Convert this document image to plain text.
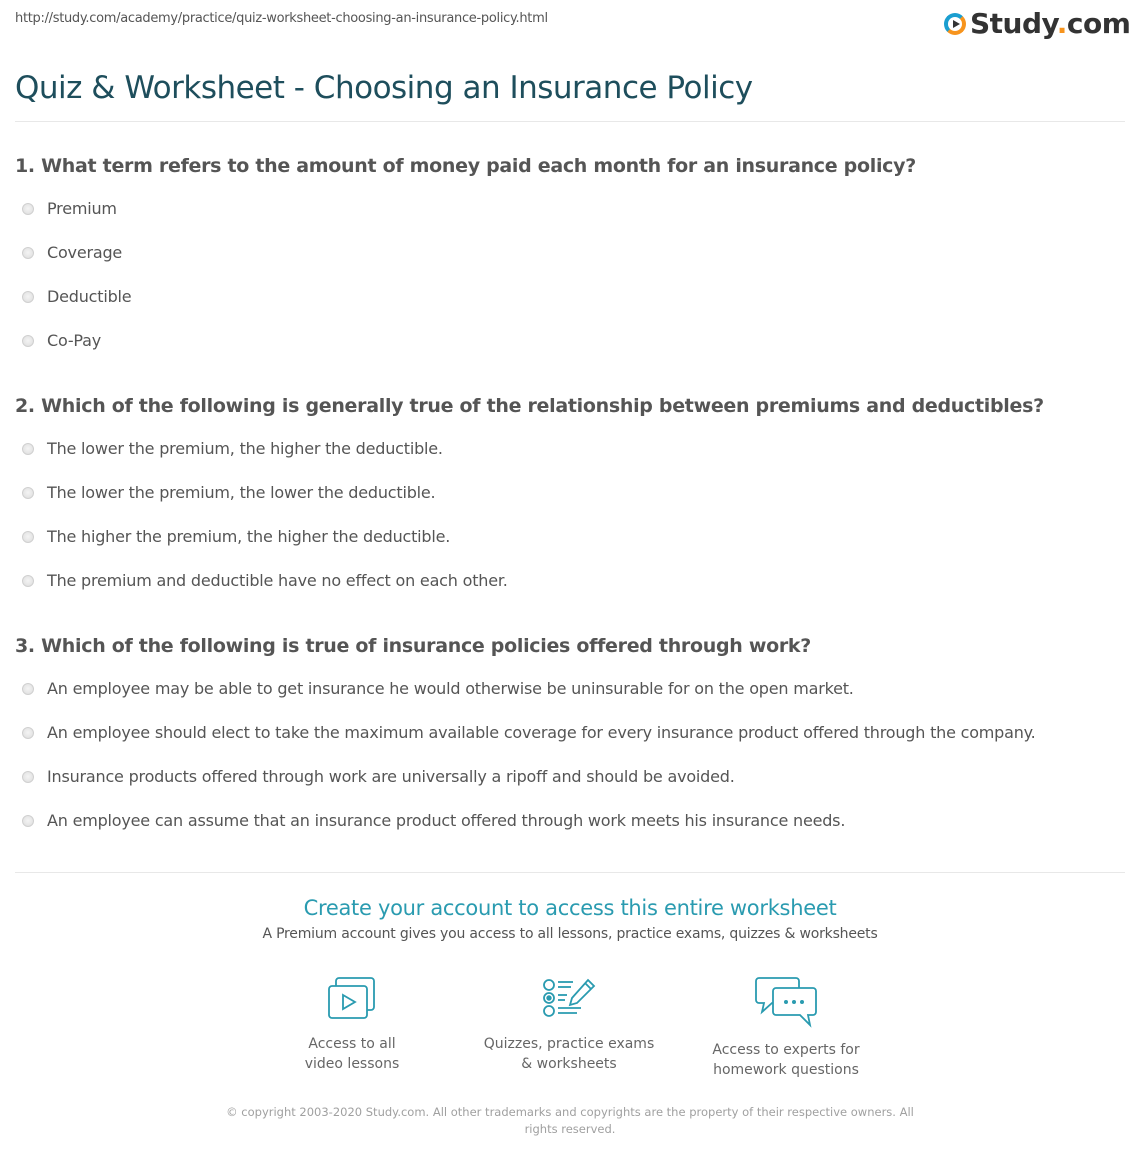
http://study.com/academy/practice/quiz-worksheet-choosing-an-insurance-policy.html	Study.com
Quiz & Worksheet - Choosing an Insurance Policy
1. What term refers to the amount of money paid each month for an insurance policy?
Premium
Coverage
Deductible
Co-Pay
2. Which of the following is generally true of the relationship between premiums and deductibles?
The lower the premium, the higher the deductible.
The lower the premium, the lower the deductible.
The higher the premium, the higher the deductible.
The premium and deductible have no effect on each other.
3. Which of the following is true of insurance policies offered through work?
An employee may be able to get insurance he would otherwise be uninsurable for on the open market.
An employee should elect to take the maximum available coverage for every insurance product offered through the company.
Insurance products offered through work are universally a ripoff and should be avoided.
An employee can assume that an insurance product offered through work meets his insurance needs.
Create your account to access this entire worksheet
A Premium account gives you access to all lessons, practice exams, quizzes & worksheets
Access to all
video lessons
Quizzes, practice exams
& worksheets
Access to experts for
homework questions
© copyright 2003-2020 Study.com. All other trademarks and copyrights are the property of their respective owners. All rights reserved.
